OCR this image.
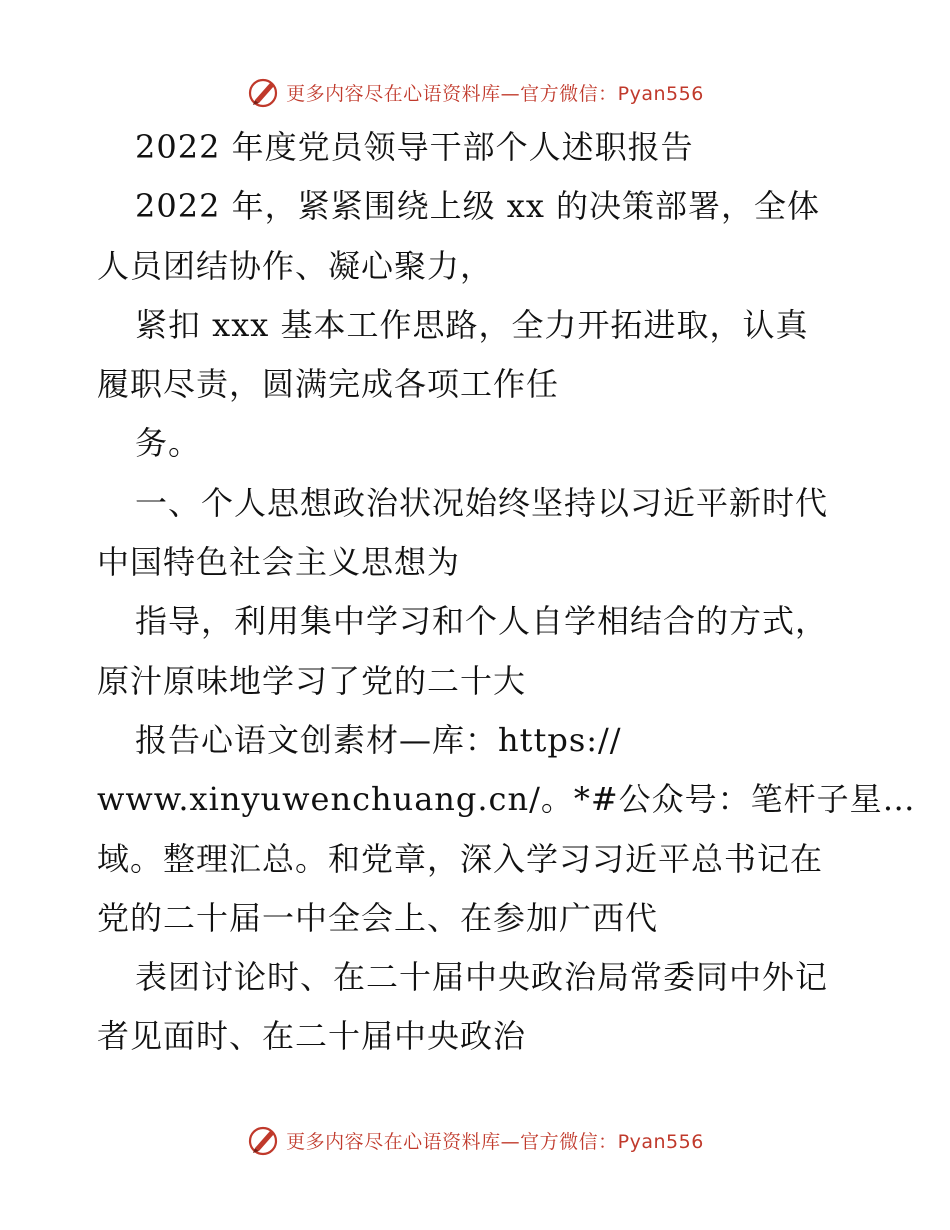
更多内容尽在心语资料库—官方微信：Pyan556
2022 年度党员领导干部个人述职报告
2022 年，紧紧围绕上级 xx 的决策部署，全体
人员团结协作、凝心聚力，
紧扣 xxx 基本工作思路，全力开拓进取，认真
履职尽责，圆满完成各项工作任
务。
一、个人思想政治状况始终坚持以习近平新时代
中国特色社会主义思想为
指导，利用集中学习和个人自学相结合的方式，
原汁原味地学习了党的二十大
报告心语文创素材—库：https://
www.xinyuwenchuang.cn/。*#公众号：笔杆子星…
域。整理汇总。和党章，深入学习习近平总书记在
党的二十届一中全会上、在参加广西代
表团讨论时、在二十届中央政治局常委同中外记
者见面时、在二十届中央政治
更多内容尽在心语资料库—官方微信：Pyan556
